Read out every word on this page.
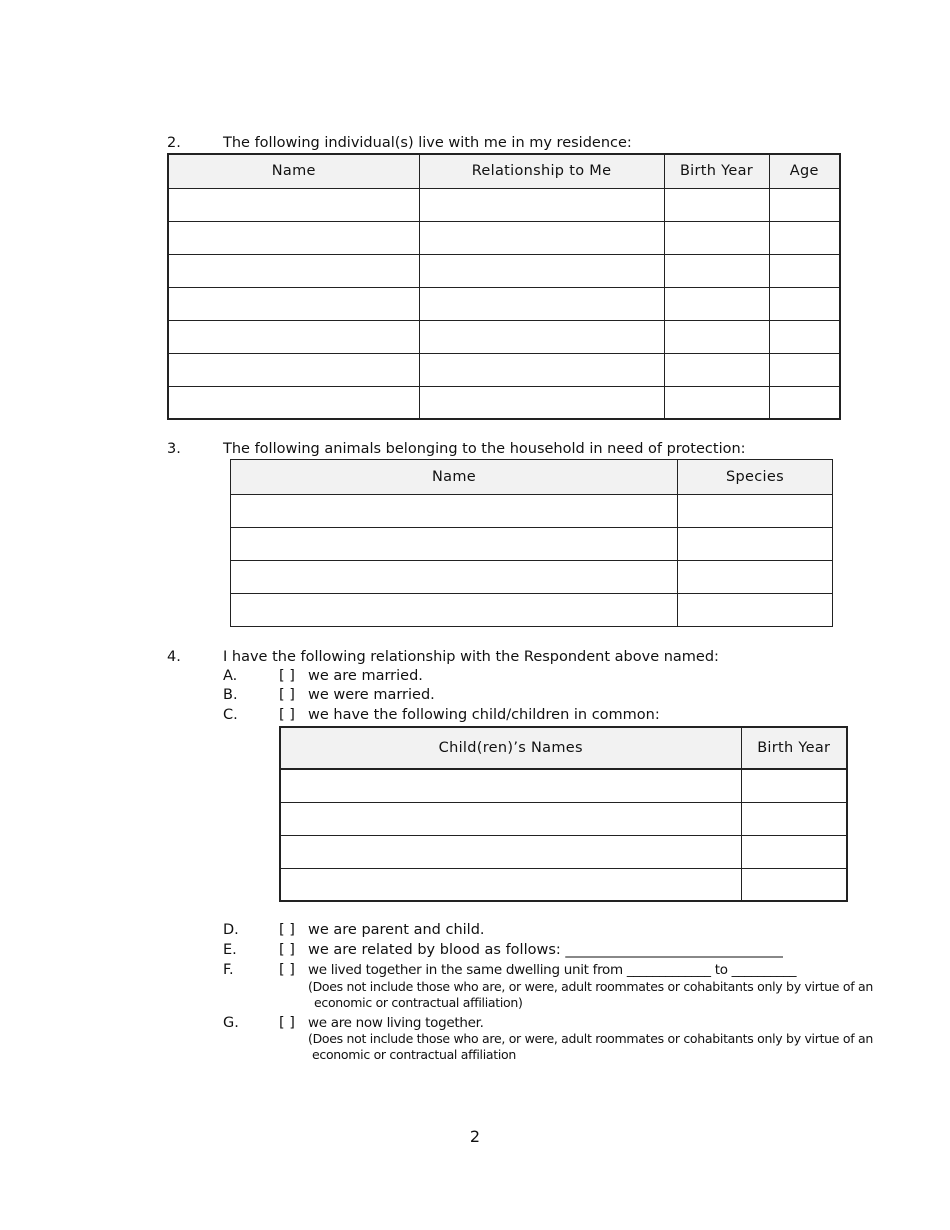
2.	The following individual(s) live with me in my residence:
Name	Relationship to Me	Birth Year	Age

3.	The following animals belonging to the household in need of protection:
Name	Species

4.	I have the following relationship with the Respondent above named:
A.	[ ] we are married.
B.	[ ] we were married.
C.	[ ] we have the following child/children in common:
Child(ren)’s Names	Birth Year

D.	[ ] we are parent and child.
E.	[ ] we are related by blood as follows: ______________________________
F.	[ ] we lived together in the same dwelling unit from _____________ to __________
(Does not include those who are, or were, adult roommates or cohabitants only by virtue of an
economic or contractual affiliation)
G.	[ ] we are now living together.
(Does not include those who are, or were, adult roommates or cohabitants only by virtue of an
economic or contractual affiliation
2
